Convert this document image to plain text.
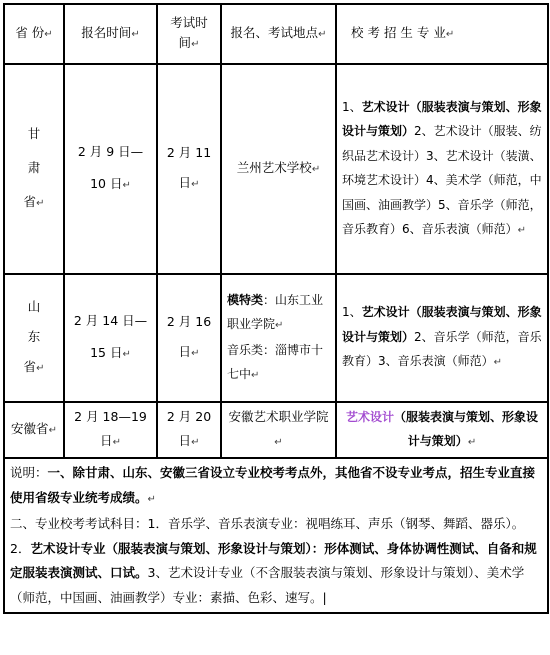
省 份↵	报名时间↵	考试时
间↵	报名、考试地点↵	校 考 招 生 专 业↵
甘
肃
省↵	2 月 9 日—
10 日↵	2 月 11
日↵	兰州艺术学校↵	1、艺术设计（服装表演与策划、形象设计与策划）2、艺术设计（服装、纺织品艺术设计）3、艺术设计（装潢、环境艺术设计）4、美术学（师范，中国画、油画教学）5、音乐学（师范，音乐教育）6、音乐表演（师范）↵
山
东
省↵	2 月 14 日—
15 日↵	2 月 16
日↵	模特类：山东工业职业学院↵
音乐类：淄博市十七中↵	1、艺术设计（服装表演与策划、形象设计与策划）2、音乐学（师范，音乐教育）3、音乐表演（师范）↵
安徽省↵	2 月 18—19
日↵	2 月 20
日↵	安徽艺术职业学院↵	艺术设计（服装表演与策划、形象设计与策划）↵
说明：一、除甘肃、山东、安徽三省设立专业校考考点外，其他省不设专业考点，招生专业直接使用省级专业统考成绩。↵
二、专业校考考试科目：1．音乐学、音乐表演专业：视唱练耳、声乐（钢琴、舞蹈、器乐）。2．艺术设计专业（服装表演与策划、形象设计与策划）：形体测试、身体协调性测试、自备和规定服装表演测试、口试。3、艺术设计专业（不含服装表演与策划、形象设计与策划）、美术学（师范，中国画、油画教学）专业：素描、色彩、速写。|				
